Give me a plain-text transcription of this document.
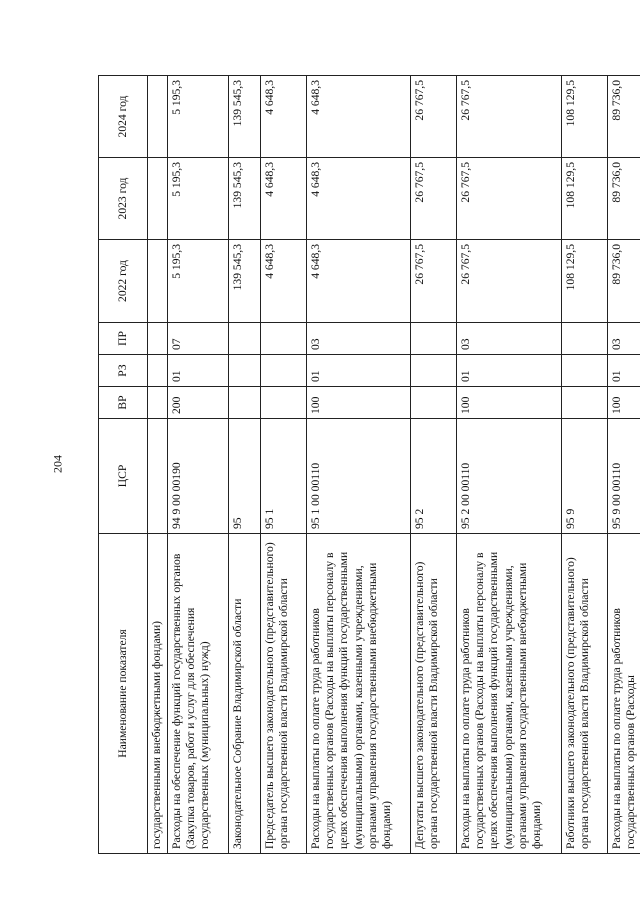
204
Наименование показателя	ЦСР	ВР	РЗ	ПР	2022 год	2023 год	2024 год
государственными внебюджетными фондами)							
Расходы на обеспечение функций государственных органов (Закупка товаров, работ и услуг для обеспечения государственных (муниципальных) нужд)	94 9 00 00190	200	01	07	5 195,3	5 195,3	5 195,3
Законодательное Собрание Владимирской области	95				139 545,3	139 545,3	139 545,3
Председатель высшего законодательного (представительного) органа государственной власти Владимирской области	95 1				4 648,3	4 648,3	4 648,3
Расходы на выплаты по оплате труда работников государственных органов (Расходы на выплаты персоналу в целях обеспечения выполнения функций государственными (муниципальными) органами, казенными учреждениями, органами управления государственными внебюджетными фондами)	95 1 00 00110	100	01	03	4 648,3	4 648,3	4 648,3
Депутаты высшего законодательного (представительного) органа государственной власти Владимирской области	95 2				26 767,5	26 767,5	26 767,5
Расходы на выплаты по оплате труда работников государственных органов (Расходы на выплаты персоналу в целях обеспечения выполнения функций государственными (муниципальными) органами, казенными учреждениями, органами управления государственными внебюджетными фондами)	95 2 00 00110	100	01	03	26 767,5	26 767,5	26 767,5
Работники высшего законодательного (представительного) органа государственной власти Владимирской области	95 9				108 129,5	108 129,5	108 129,5
Расходы на выплаты по оплате труда работников государственных органов (Расходы	95 9 00 00110	100	01	03	89 736,0	89 736,0	89 736,0
